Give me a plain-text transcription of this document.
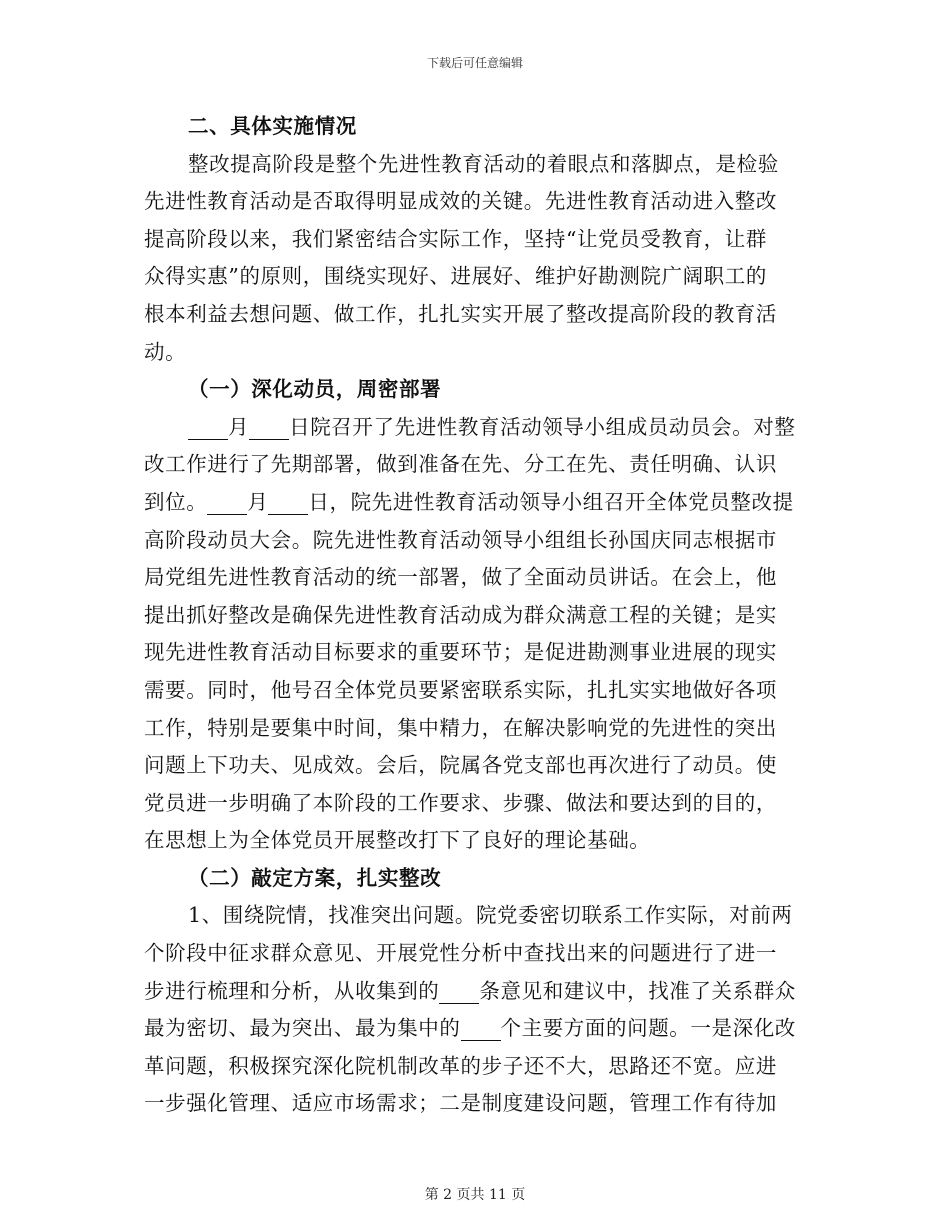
下载后可任意编辑
二、具体实施情况
整改提高阶段是整个先进性教育活动的着眼点和落脚点，是检验
先进性教育活动是否取得明显成效的关键。先进性教育活动进入整改
提高阶段以来，我们紧密结合实际工作，坚持“让党员受教育，让群
众得实惠”的原则，围绕实现好、进展好、维护好勘测院广阔职工的
根本利益去想问题、做工作，扎扎实实开展了整改提高阶段的教育活
动。
（一）深化动员，周密部署
月 日院召开了先进性教育活动领导小组成员动员会。对整
改工作进行了先期部署，做到准备在先、分工在先、责任明确、认识
到位。 月 日，院先进性教育活动领导小组召开全体党员整改提
高阶段动员大会。院先进性教育活动领导小组组长孙国庆同志根据市
局党组先进性教育活动的统一部署，做了全面动员讲话。在会上，他
提出抓好整改是确保先进性教育活动成为群众满意工程的关键；是实
现先进性教育活动目标要求的重要环节；是促进勘测事业进展的现实
需要。同时，他号召全体党员要紧密联系实际，扎扎实实地做好各项
工作，特别是要集中时间，集中精力，在解决影响党的先进性的突出
问题上下功夫、见成效。会后，院属各党支部也再次进行了动员。使
党员进一步明确了本阶段的工作要求、步骤、做法和要达到的目的，
在思想上为全体党员开展整改打下了良好的理论基础。
（二）敲定方案，扎实整改
1、围绕院情，找准突出问题。院党委密切联系工作实际，对前两
个阶段中征求群众意见、开展党性分析中查找出来的问题进行了进一
步进行梳理和分析，从收集到的 条意见和建议中，找准了关系群众
最为密切、最为突出、最为集中的 个主要方面的问题。一是深化改
革问题，积极探究深化院机制改革的步子还不大，思路还不宽。应进
一步强化管理、适应市场需求；二是制度建设问题，管理工作有待加
第 2 页共 11 页
